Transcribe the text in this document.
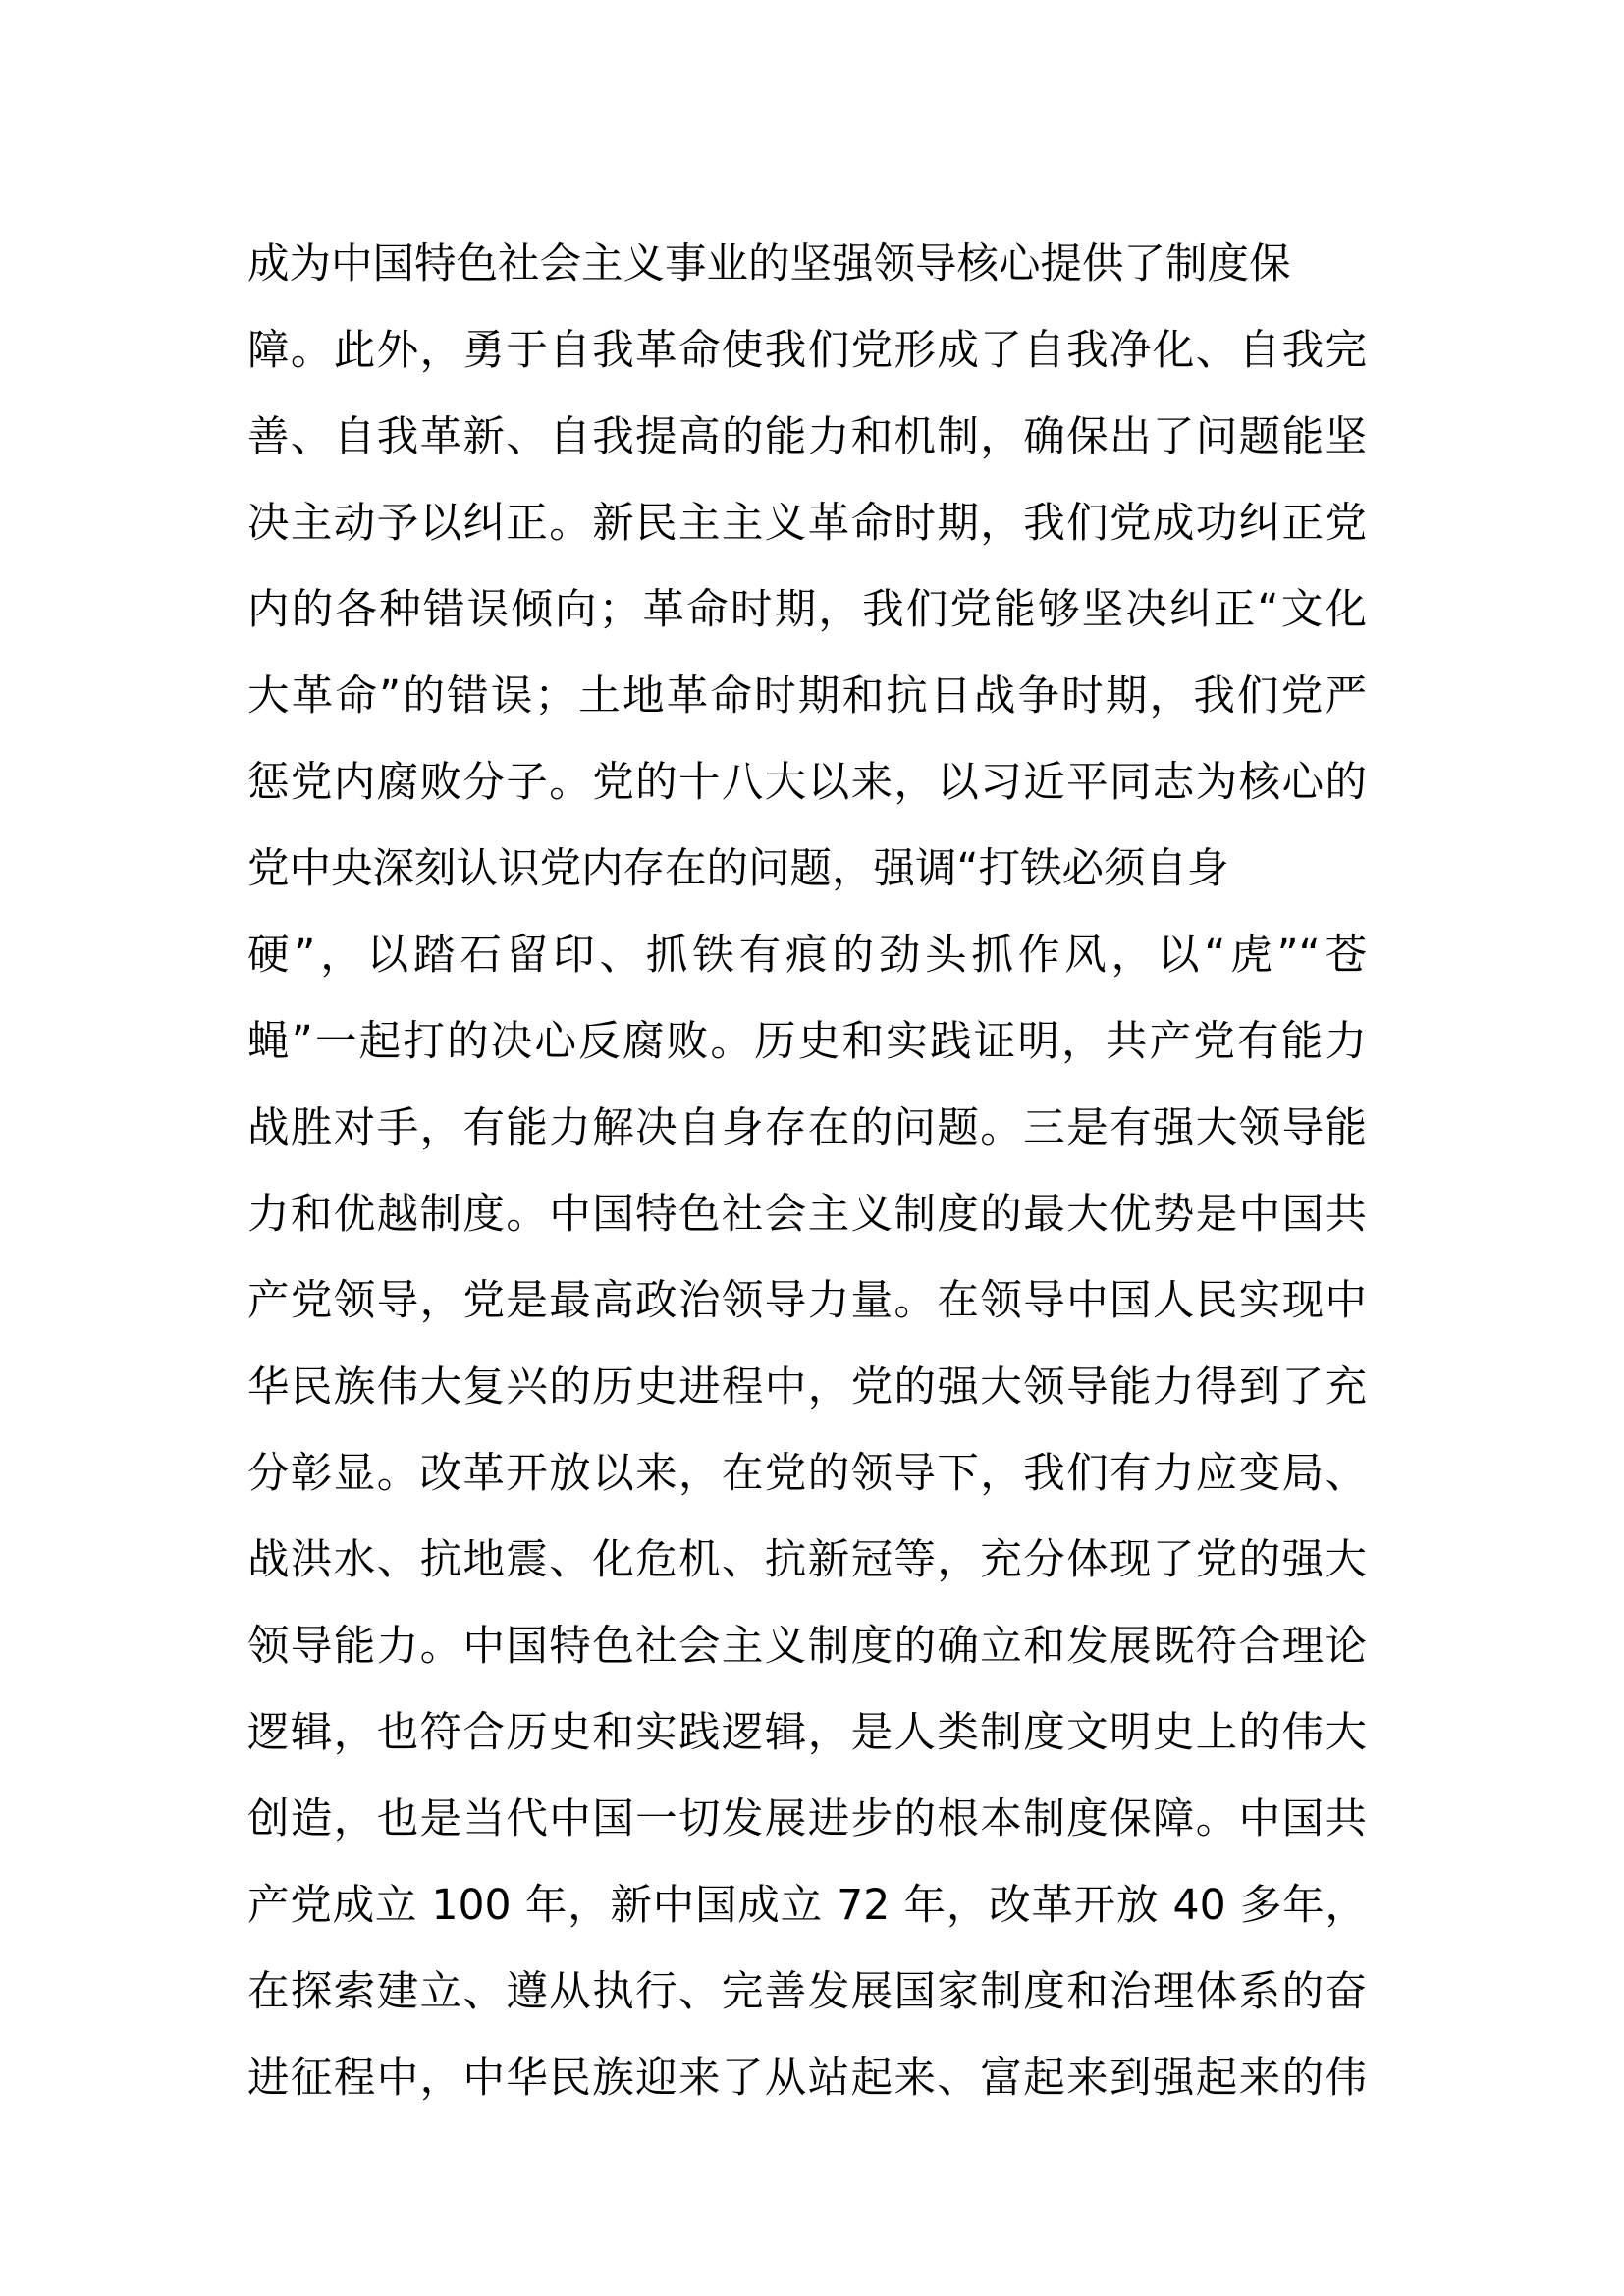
成为中国特色社会主义事业的坚强领导核心提供了制度保
障。此外，勇于自我革命使我们党形成了自我净化、自我完
善、自我革新、自我提高的能力和机制，确保出了问题能坚
决主动予以纠正。新民主主义革命时期，我们党成功纠正党
内的各种错误倾向；革命时期，我们党能够坚决纠正“文化
大革命”的错误；土地革命时期和抗日战争时期，我们党严
惩党内腐败分子。党的十八大以来，以习近平同志为核心的
党中央深刻认识党内存在的问题，强调“打铁必须自身
硬”，以踏石留印、抓铁有痕的劲头抓作风，以“虎”“苍
蝇”一起打的决心反腐败。历史和实践证明，共产党有能力
战胜对手，有能力解决自身存在的问题。三是有强大领导能
力和优越制度。中国特色社会主义制度的最大优势是中国共
产党领导，党是最高政治领导力量。在领导中国人民实现中
华民族伟大复兴的历史进程中，党的强大领导能力得到了充
分彰显。改革开放以来，在党的领导下，我们有力应变局、
战洪水、抗地震、化危机、抗新冠等，充分体现了党的强大
领导能力。中国特色社会主义制度的确立和发展既符合理论
逻辑，也符合历史和实践逻辑，是人类制度文明史上的伟大
创造，也是当代中国一切发展进步的根本制度保障。中国共
产党成立 100 年，新中国成立 72 年，改革开放 40 多年，
在探索建立、遵从执行、完善发展国家制度和治理体系的奋
进征程中，中华民族迎来了从站起来、富起来到强起来的伟
